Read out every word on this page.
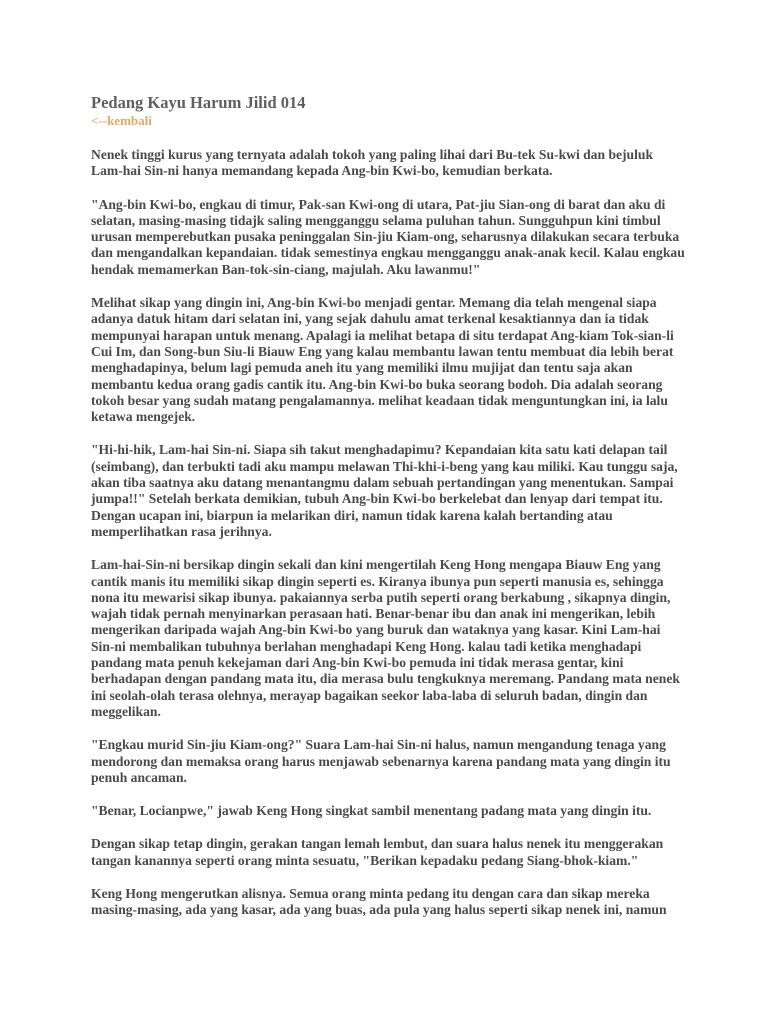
Pedang Kayu Harum Jilid 014
<--kembali

Nenek tinggi kurus yang ternyata adalah tokoh yang paling lihai dari Bu-tek Su-kwi dan bejuluk Lam-hai Sin-ni hanya memandang kepada Ang-bin Kwi-bo, kemudian berkata.

"Ang-bin Kwi-bo, engkau di timur, Pak-san Kwi-ong di utara, Pat-jiu Sian-ong di barat dan aku di selatan, masing-masing tidajk saling mengganggu selama puluhan tahun. Sungguhpun kini timbul urusan memperebutkan pusaka peninggalan Sin-jiu Kiam-ong, seharusnya dilakukan secara terbuka dan mengandalkan kepandaian. tidak semestinya engkau mengganggu anak-anak kecil. Kalau engkau hendak memamerkan Ban-tok-sin-ciang, majulah. Aku lawanmu!"

Melihat sikap yang dingin ini, Ang-bin Kwi-bo menjadi gentar. Memang dia telah mengenal siapa adanya datuk hitam dari selatan ini, yang sejak dahulu amat terkenal kesaktiannya dan ia tidak mempunyai harapan untuk menang. Apalagi ia melihat betapa di situ terdapat Ang-kiam Tok-sian-li Cui Im, dan Song-bun Siu-li Biauw Eng yang kalau membantu lawan tentu membuat dia lebih berat menghadapinya, belum lagi pemuda aneh itu yang memiliki ilmu mujijat dan tentu saja akan membantu kedua orang gadis cantik itu. Ang-bin Kwi-bo buka seorang bodoh. Dia adalah seorang tokoh besar yang sudah matang pengalamannya. melihat keadaan tidak menguntungkan ini, ia lalu ketawa mengejek.

"Hi-hi-hik, Lam-hai Sin-ni. Siapa sih takut menghadapimu? Kepandaian kita satu kati delapan tail (seimbang), dan terbukti tadi aku mampu melawan Thi-khi-i-beng yang kau miliki. Kau tunggu saja, akan tiba saatnya aku datang menantangmu dalam sebuah pertandingan yang menentukan. Sampai jumpa!!" Setelah berkata demikian, tubuh Ang-bin Kwi-bo berkelebat dan lenyap dari tempat itu. Dengan ucapan ini, biarpun ia melarikan diri, namun tidak karena kalah bertanding atau memperlihatkan rasa jerihnya.

Lam-hai-Sin-ni bersikap dingin sekali dan kini mengertilah Keng Hong mengapa Biauw Eng yang cantik manis itu memiliki sikap dingin seperti es. Kiranya ibunya pun seperti manusia es, sehingga nona itu mewarisi sikap ibunya. pakaiannya serba putih seperti orang berkabung , sikapnya dingin, wajah tidak pernah menyinarkan perasaan hati. Benar-benar ibu dan anak ini mengerikan, lebih mengerikan daripada wajah Ang-bin Kwi-bo yang buruk dan wataknya yang kasar. Kini Lam-hai Sin-ni membalikan tubuhnya berlahan menghadapi Keng Hong. kalau tadi ketika menghadapi pandang mata penuh kekejaman dari Ang-bin Kwi-bo pemuda ini tidak merasa gentar, kini berhadapan dengan pandang mata itu, dia merasa bulu tengkuknya meremang. Pandang mata nenek ini seolah-olah terasa olehnya, merayap bagaikan seekor laba-laba di seluruh badan, dingin dan meggelikan.

"Engkau murid Sin-jiu Kiam-ong?" Suara Lam-hai Sin-ni halus, namun mengandung tenaga yang mendorong dan memaksa orang harus menjawab sebenarnya karena pandang mata yang dingin itu penuh ancaman.

"Benar, Locianpwe," jawab Keng Hong singkat sambil menentang padang mata yang dingin itu.

Dengan sikap tetap dingin, gerakan tangan lemah lembut, dan suara halus nenek itu menggerakan tangan kanannya seperti orang minta sesuatu, "Berikan kepadaku pedang Siang-bhok-kiam."

Keng Hong mengerutkan alisnya. Semua orang minta pedang itu dengan cara dan sikap mereka masing-masing, ada yang kasar, ada yang buas, ada pula yang halus seperti sikap nenek ini, namun
